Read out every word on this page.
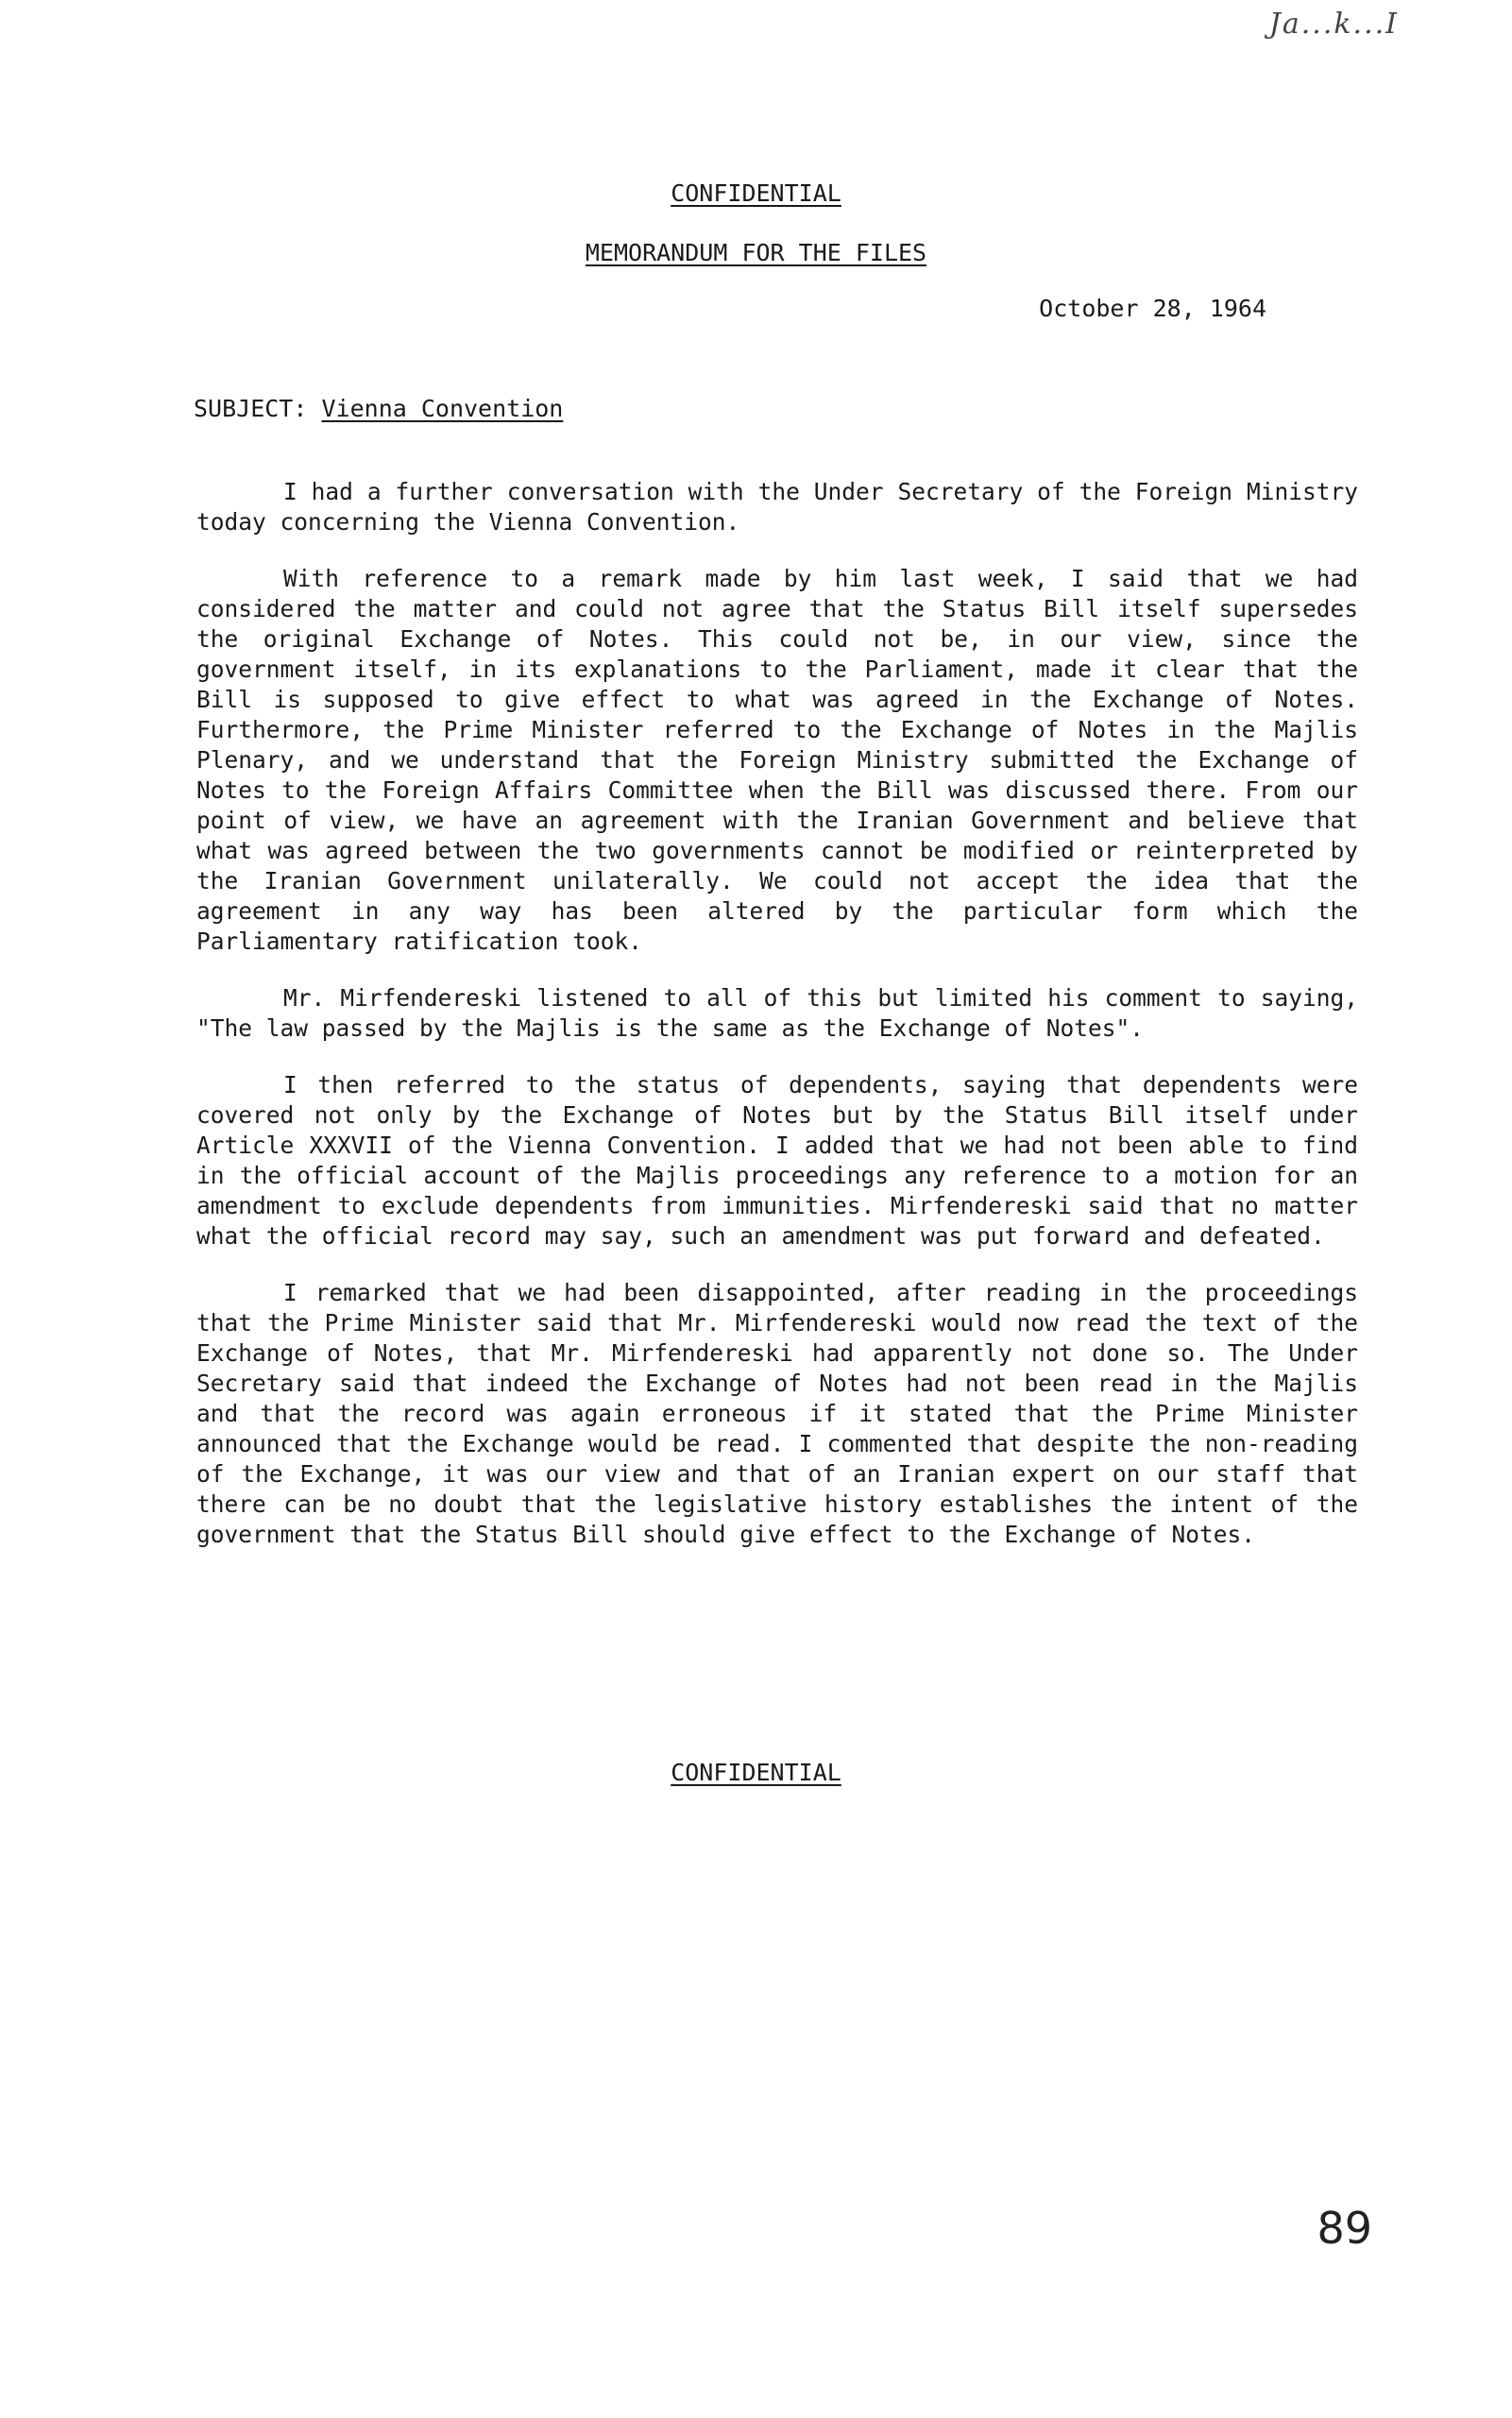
Ja...k...I
CONFIDENTIAL
MEMORANDUM FOR THE FILES
October 28, 1964
SUBJECT: Vienna Convention

I had a further conversation with the Under Secretary of the Foreign Ministry today concerning the Vienna Convention.

With reference to a remark made by him last week, I said that we had considered the matter and could not agree that the Status Bill itself supersedes the original Exchange of Notes. This could not be, in our view, since the government itself, in its explanations to the Parliament, made it clear that the Bill is supposed to give effect to what was agreed in the Exchange of Notes. Furthermore, the Prime Minister referred to the Exchange of Notes in the Majlis Plenary, and we understand that the Foreign Ministry submitted the Exchange of Notes to the Foreign Affairs Committee when the Bill was discussed there. From our point of view, we have an agreement with the Iranian Government and believe that what was agreed between the two governments cannot be modified or reinterpreted by the Iranian Government unilaterally. We could not accept the idea that the agreement in any way has been altered by the particular form which the Parliamentary ratification took.

Mr. Mirfendereski listened to all of this but limited his comment to saying, "The law passed by the Majlis is the same as the Exchange of Notes".

I then referred to the status of dependents, saying that dependents were covered not only by the Exchange of Notes but by the Status Bill itself under Article XXXVII of the Vienna Convention. I added that we had not been able to find in the official account of the Majlis proceedings any reference to a motion for an amendment to exclude dependents from immunities. Mirfendereski said that no matter what the official record may say, such an amendment was put forward and defeated.

I remarked that we had been disappointed, after reading in the proceedings that the Prime Minister said that Mr. Mirfendereski would now read the text of the Exchange of Notes, that Mr. Mirfendereski had apparently not done so. The Under Secretary said that indeed the Exchange of Notes had not been read in the Majlis and that the record was again erroneous if it stated that the Prime Minister announced that the Exchange would be read. I commented that despite the non-reading of the Exchange, it was our view and that of an Iranian expert on our staff that there can be no doubt that the legislative history establishes the intent of the government that the Status Bill should give effect to the Exchange of Notes.

CONFIDENTIAL
89
